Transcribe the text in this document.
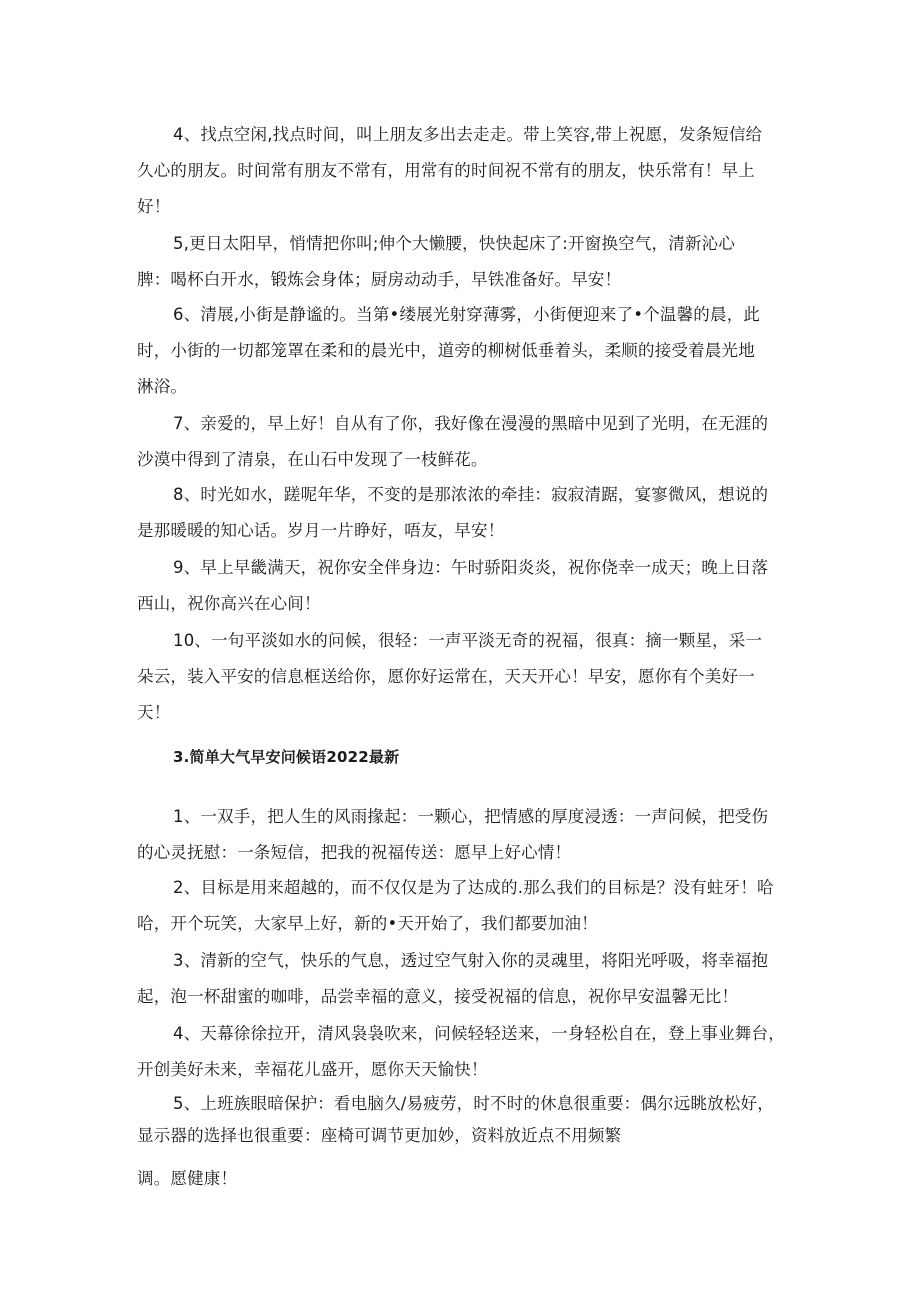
4、找点空闲,找点时间，叫上朋友多出去走走。带上笑容,带上祝愿，发条短信给
久心的朋友。时间常有朋友不常有，用常有的时间祝不常有的朋友，快乐常有！早上
好！
5,更日太阳早，悄情把你叫;伸个大懒腰，快快起床了:开窗换空气，清新沁心
脾：喝杯白开水，锻炼会身体；厨房动动手，早铁准备好。早安！
6、清展,小街是静谧的。当第•缕展光射穿薄雾，小街便迎来了•个温馨的晨，此
时，小街的一切都笼罩在柔和的晨光中，道旁的柳树低垂着头，柔顺的接受着晨光地
淋浴。
7、亲爱的，早上好！自从有了你，我好像在漫漫的黑暗中见到了光明，在无涯的
沙漠中得到了清泉，在山石中发现了一枝鲜花。
8、时光如水，蹉呢年华，不变的是那浓浓的牵挂：寂寂清踞，宴寥微风，想说的
是那暖暖的知心话。岁月一片睁好，唔友，早安！
9、早上早畿满天，祝你安全伴身边：午时骄阳炎炎，祝你侥幸一成天；晚上日落
西山，祝你高兴在心间！
10、一句平淡如水的问候，很轻：一声平淡无奇的祝福，很真：摘一颗星，采一
朵云，装入平安的信息框送给你，愿你好运常在，天天开心！早安，愿你有个美好一
天！
3.简单大气早安问候语2022最新
1、一双手，把人生的风雨掾起：一颗心，把情感的厚度浸透：一声问候，把受伤
的心灵抚慰：一条短信，把我的祝福传送：愿早上好心情！
2、目标是用来超越的，而不仅仅是为了达成的.那么我们的目标是？没有蛀牙！哈
哈，开个玩笑，大家早上好，新的•天开始了，我们都要加油！
3、清新的空气，快乐的气息，透过空气射入你的灵魂里，将阳光呼吸，将幸福抱
起，泡一杯甜蜜的咖啡，品尝幸福的意义，接受祝福的信息，祝你早安温馨无比！
4、天幕徐徐拉开，清风袅袅吹来，问候轻轻送来，一身轻松自在，登上事业舞台，
开创美好未来，幸福花儿盛开，愿你天天愉快！
5、上班族眼暗保护：看电脑久/易疲劳，时不时的休息很重要：偶尔远眺放松好，
显示器的选择也很重要：座椅可调节更加妙，资料放近点不用频繁
调。愿健康！
